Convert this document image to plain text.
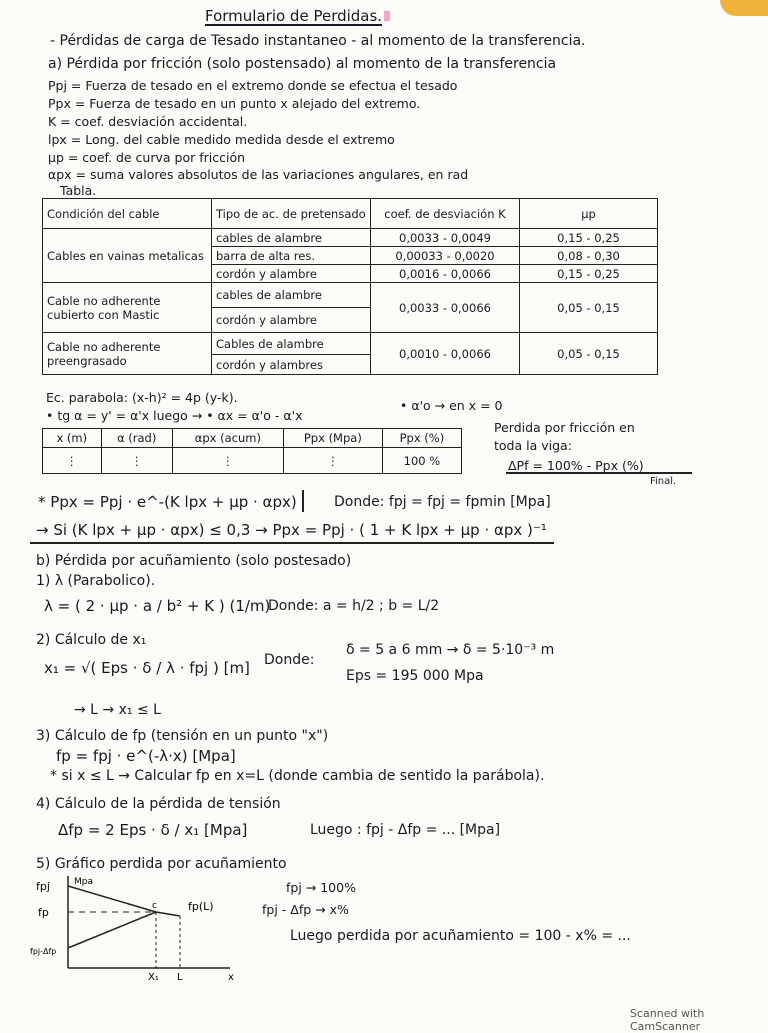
Formulario de Perdidas.
- Pérdidas de carga de Tesado instantaneo - al momento de la transferencia.
a) Pérdida por fricción (solo postensado) al momento de la transferencia
Ppj = Fuerza de tesado en el extremo donde se efectua el tesado
Ppx = Fuerza de tesado en un punto x alejado del extremo.
K = coef. desviación accidental.
lpx = Long. del cable medido medida desde el extremo
μp = coef. de curva por fricción
αpx = suma valores absolutos de las variaciones angulares, en rad
Tabla.
Condición del cable	Tipo de ac. de pretensado	coef. de desviación K	μp
Cables en vainas metalicas	cables de alambre	0,0033 - 0,0049	0,15 - 0,25
	barra de alta res.	0,00033 - 0,0020	0,08 - 0,30
	cordón y alambre	0,0016 - 0,0066	0,15 - 0,25
Cable no adherente cubierto con Mastic	cables de alambre	0,0033 - 0,0066	0,05 - 0,15
	cordón y alambre		
Cable no adherente preengrasado	Cables de alambre	0,0010 - 0,0066	0,05 - 0,15
	cordón y alambres		
Ec. parabola: (x-h)² = 4p (y-k).
• α'o → en x = 0
• tg α = y' = α'x luego → • αx = α'o - α'x
x (m)	α (rad)	αpx (acum)	Ppx (Mpa)	Ppx (%)
⋮	⋮	⋮	⋮	100 %
Perdida por fricción en
toda la viga:
ΔPf = 100% - Ppx (%)
Final.
* Ppx = Ppj · e^-(K lpx + μp · αpx)	Donde: fpj = fpj = fpmin [Mpa]
→ Si (K lpx + μp · αpx) ≤ 0,3 → Ppx = Ppj · ( 1 + K lpx + μp · αpx )⁻¹
b) Pérdida por acuñamiento (solo postesado)
1) λ (Parabolico).
λ = ( 2 · μp · a / b² + K ) (1/m)
Donde: a = h/2 ; b = L/2
2) Cálculo de x₁
x₁ = √( Eps · δ / λ · fpj ) [m]
→ L → x₁ ≤ L
Donde:
δ = 5 a 6 mm → δ = 5·10⁻³ m
Eps = 195 000 Mpa
3) Cálculo de fp (tensión en un punto "x")
fp = fpj · e^(-λ·x) [Mpa]
* si x ≤ L → Calcular fp en x=L (donde cambia de sentido la parábola).
4) Cálculo de la pérdida de tensión
Δfp = 2 Eps · δ / x₁ [Mpa]	Luego : fpj - Δfp = ... [Mpa]
5) Gráfico perdida por acuñamiento
fpj → 100%
fpj - Δfp → x%
Luego perdida por acuñamiento = 100 - x% = ...
Mpa
fpj
fp
fpj-Δfp
c	fp(L)
X₁ L	x
Scanned with CamScanner
